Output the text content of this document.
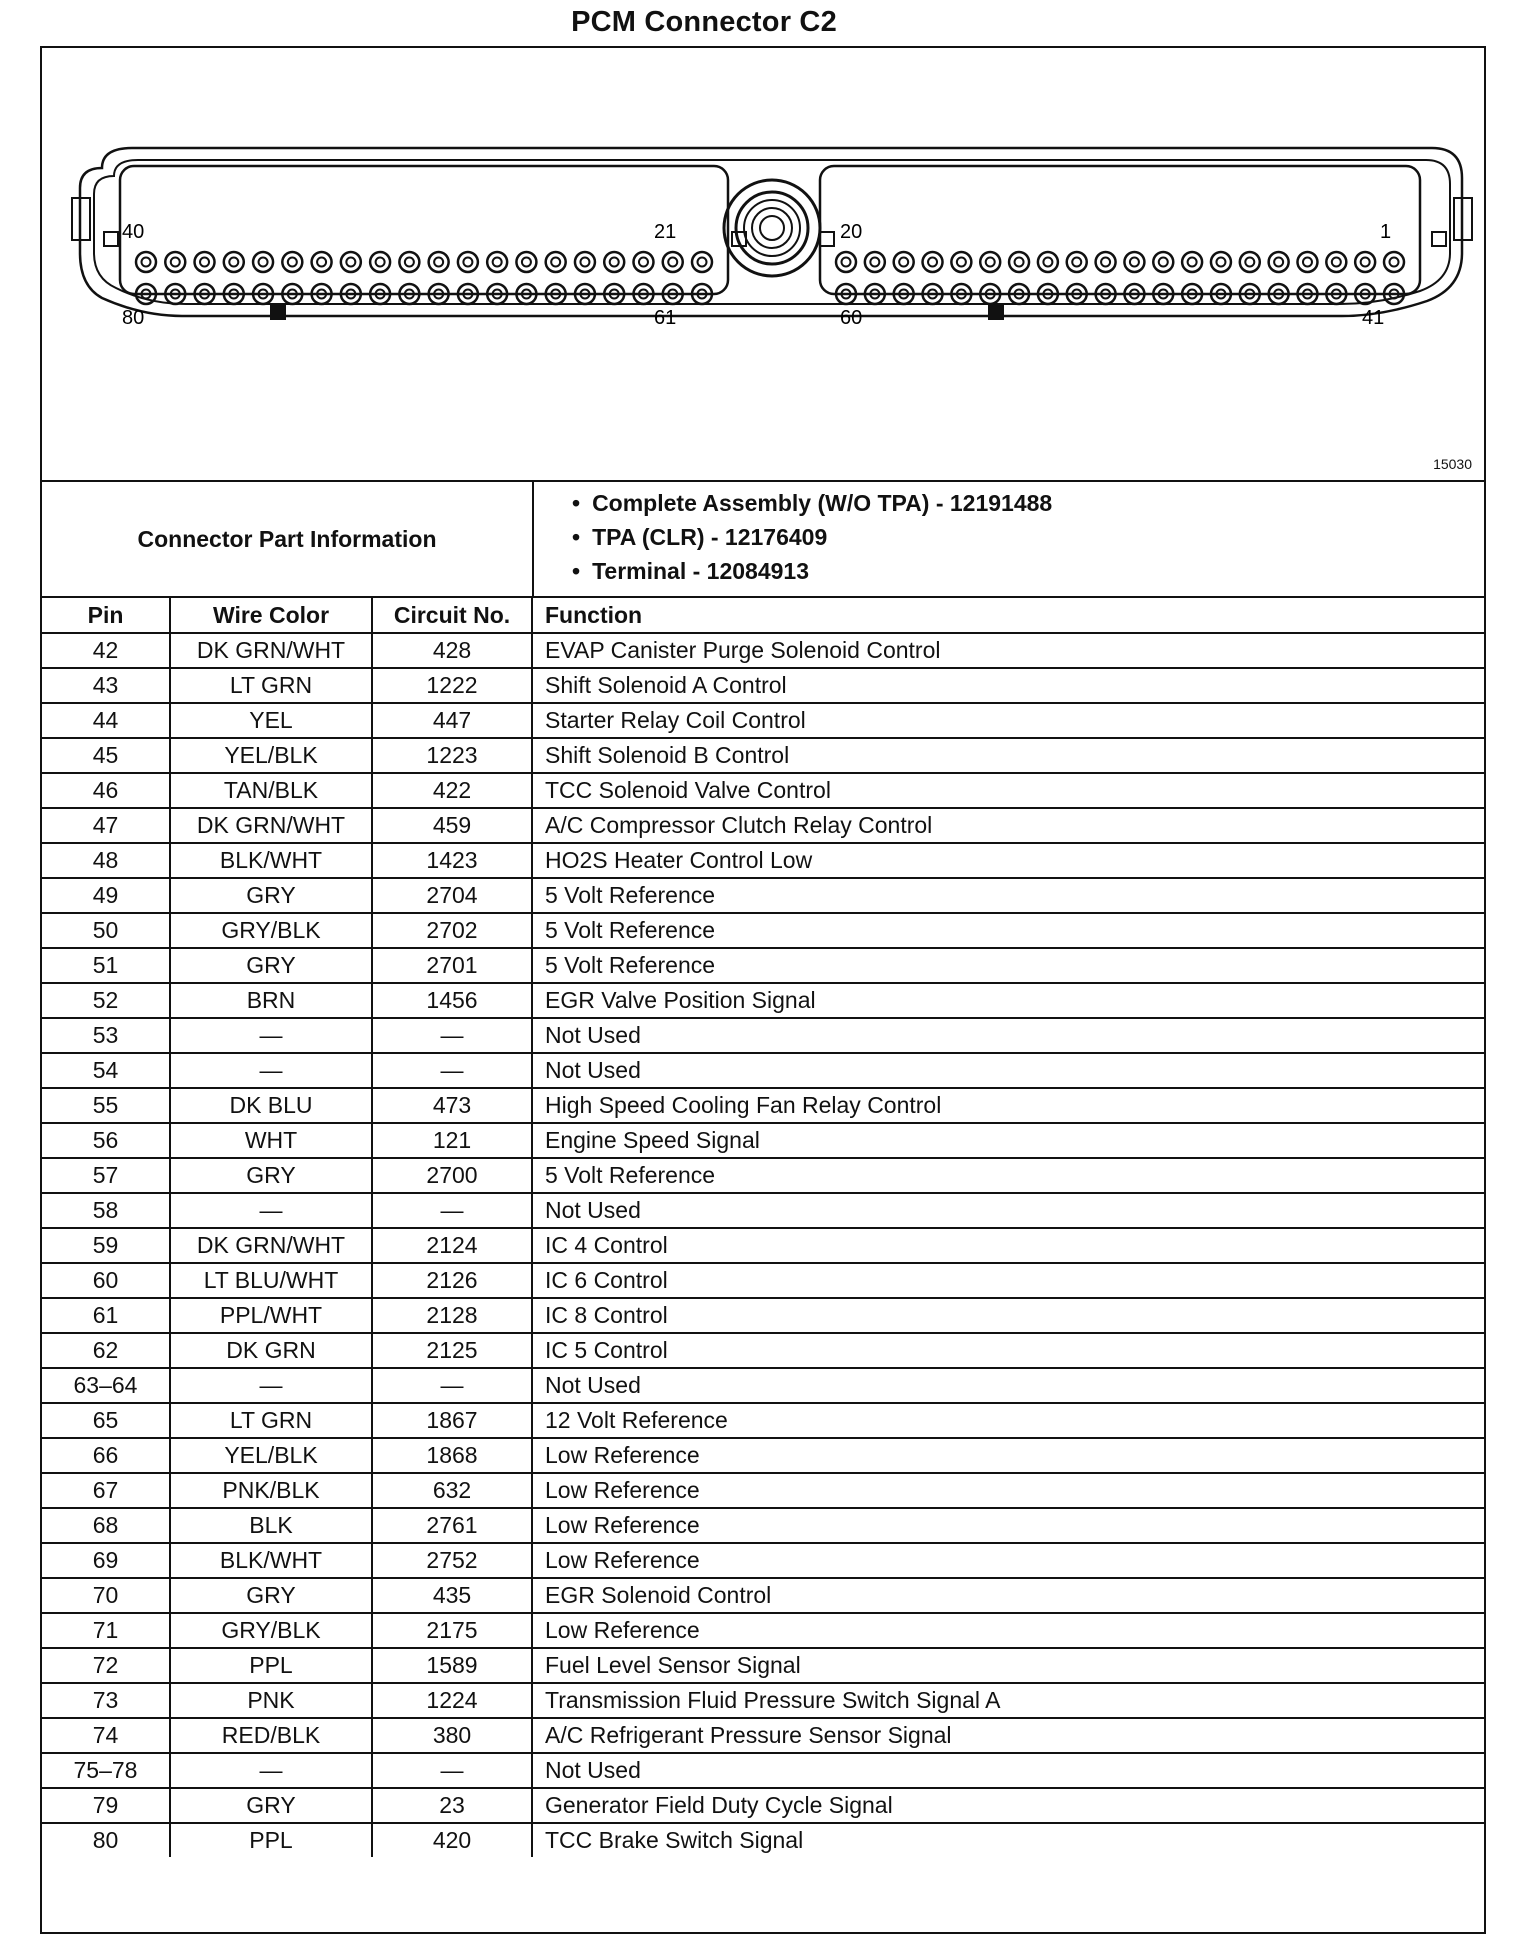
PCM Connector C2
40	21
80	61
20	1
60	41
15030
Connector Part Information
• Complete Assembly (W/O TPA) - 12191488
• TPA (CLR) - 12176409
• Terminal - 12084913
Pin	Wire Color	Circuit No.	Function
42	DK GRN/WHT	428	EVAP Canister Purge Solenoid Control
43	LT GRN	1222	Shift Solenoid A Control
44	YEL	447	Starter Relay Coil Control
45	YEL/BLK	1223	Shift Solenoid B Control
46	TAN/BLK	422	TCC Solenoid Valve Control
47	DK GRN/WHT	459	A/C Compressor Clutch Relay Control
48	BLK/WHT	1423	HO2S Heater Control Low
49	GRY	2704	5 Volt Reference
50	GRY/BLK	2702	5 Volt Reference
51	GRY	2701	5 Volt Reference
52	BRN	1456	EGR Valve Position Signal
53	—	—	Not Used
54	—	—	Not Used
55	DK BLU	473	High Speed Cooling Fan Relay Control
56	WHT	121	Engine Speed Signal
57	GRY	2700	5 Volt Reference
58	—	—	Not Used
59	DK GRN/WHT	2124	IC 4 Control
60	LT BLU/WHT	2126	IC 6 Control
61	PPL/WHT	2128	IC 8 Control
62	DK GRN	2125	IC 5 Control
63–64	—	—	Not Used
65	LT GRN	1867	12 Volt Reference
66	YEL/BLK	1868	Low Reference
67	PNK/BLK	632	Low Reference
68	BLK	2761	Low Reference
69	BLK/WHT	2752	Low Reference
70	GRY	435	EGR Solenoid Control
71	GRY/BLK	2175	Low Reference
72	PPL	1589	Fuel Level Sensor Signal
73	PNK	1224	Transmission Fluid Pressure Switch Signal A
74	RED/BLK	380	A/C Refrigerant Pressure Sensor Signal
75–78	—	—	Not Used
79	GRY	23	Generator Field Duty Cycle Signal
80	PPL	420	TCC Brake Switch Signal
